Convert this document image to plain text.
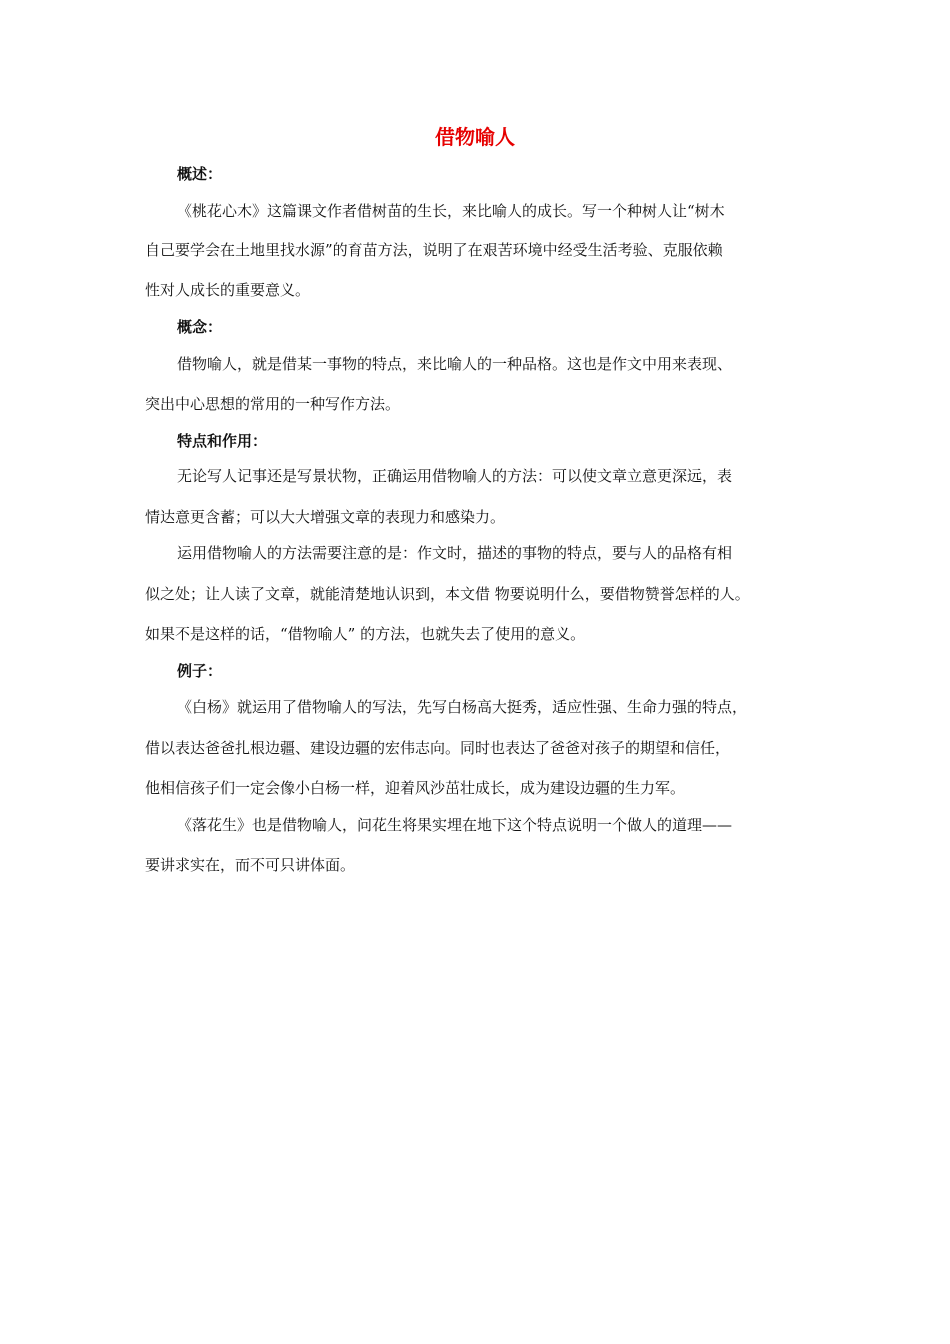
借物喻人
概述：
《桃花心木》这篇课文作者借树苗的生长，来比喻人的成长。写一个种树人让“树木
自己要学会在土地里找水源”的育苗方法，说明了在艰苦环境中经受生活考验、克服依赖
性对人成长的重要意义。
概念：
借物喻人，就是借某一事物的特点，来比喻人的一种品格。这也是作文中用来表现、
突出中心思想的常用的一种写作方法。
特点和作用：
无论写人记事还是写景状物，正确运用借物喻人的方法：可以使文章立意更深远，表
情达意更含蓄；可以大大增强文章的表现力和感染力。
运用借物喻人的方法需要注意的是：作文时，描述的事物的特点，要与人的品格有相
似之处；让人读了文章，就能清楚地认识到，本文借 物要说明什么，要借物赞誉怎样的人。
如果不是这样的话，“借物喻人” 的方法，也就失去了使用的意义。
例子：
《白杨》就运用了借物喻人的写法，先写白杨高大挺秀，适应性强、生命力强的特点，
借以表达爸爸扎根边疆、建设边疆的宏伟志向。同时也表达了爸爸对孩子的期望和信任，
他相信孩子们一定会像小白杨一样，迎着风沙茁壮成长，成为建设边疆的生力军。
《落花生》也是借物喻人，问花生将果实埋在地下这个特点说明一个做人的道理——
要讲求实在，而不可只讲体面。
